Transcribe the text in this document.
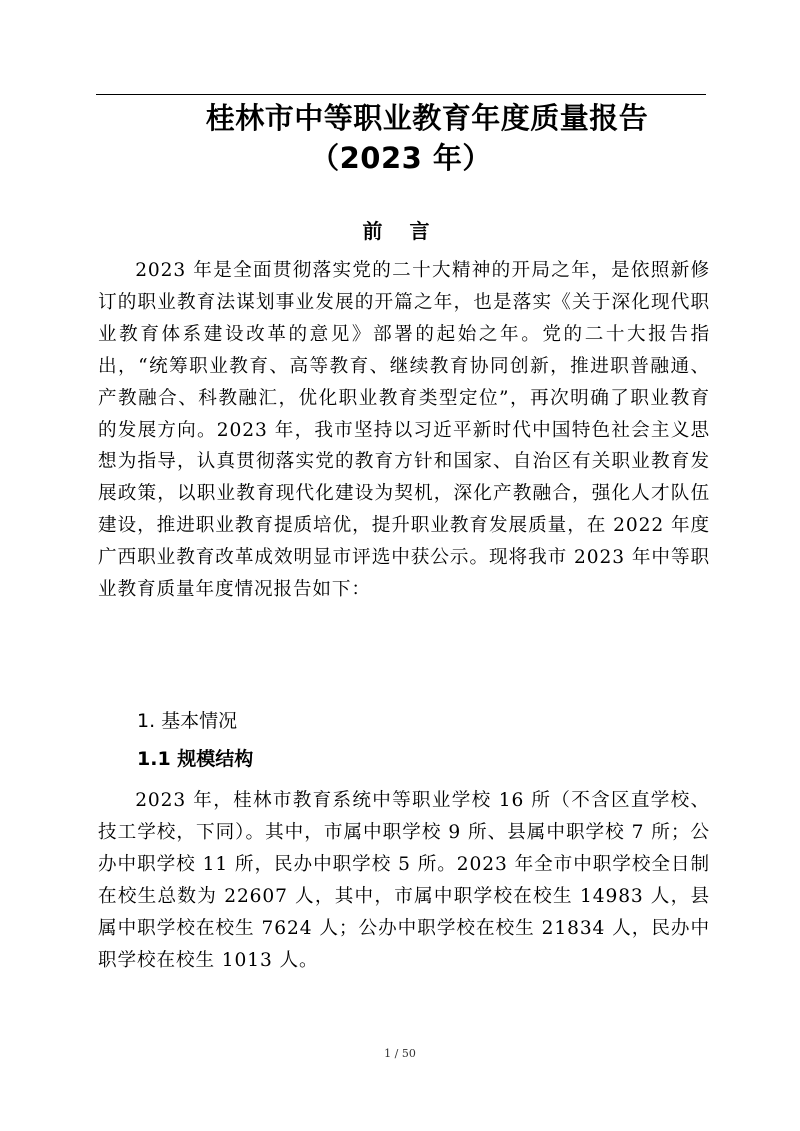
桂林市中等职业教育年度质量报告
（2023 年）
前 言

2023 年是全面贯彻落实党的二十大精神的开局之年，是依照新修订的职业教育法谋划事业发展的开篇之年，也是落实《关于深化现代职业教育体系建设改革的意见》部署的起始之年。党的二十大报告指出，“统筹职业教育、高等教育、继续教育协同创新，推进职普融通、产教融合、科教融汇，优化职业教育类型定位”，再次明确了职业教育的发展方向。2023 年，我市坚持以习近平新时代中国特色社会主义思想为指导，认真贯彻落实党的教育方针和国家、自治区有关职业教育发展政策，以职业教育现代化建设为契机，深化产教融合，强化人才队伍建设，推进职业教育提质培优，提升职业教育发展质量，在 2022 年度广西职业教育改革成效明显市评选中获公示。现将我市 2023 年中等职业教育质量年度情况报告如下：

1. 基本情况
1.1 规模结构

2023 年，桂林市教育系统中等职业学校 16 所（不含区直学校、技工学校，下同）。其中，市属中职学校 9 所、县属中职学校 7 所；公办中职学校 11 所，民办中职学校 5 所。2023 年全市中职学校全日制在校生总数为 22607 人，其中，市属中职学校在校生 14983 人，县属中职学校在校生 7624 人；公办中职学校在校生 21834 人，民办中职学校在校生 1013 人。

1 / 50
